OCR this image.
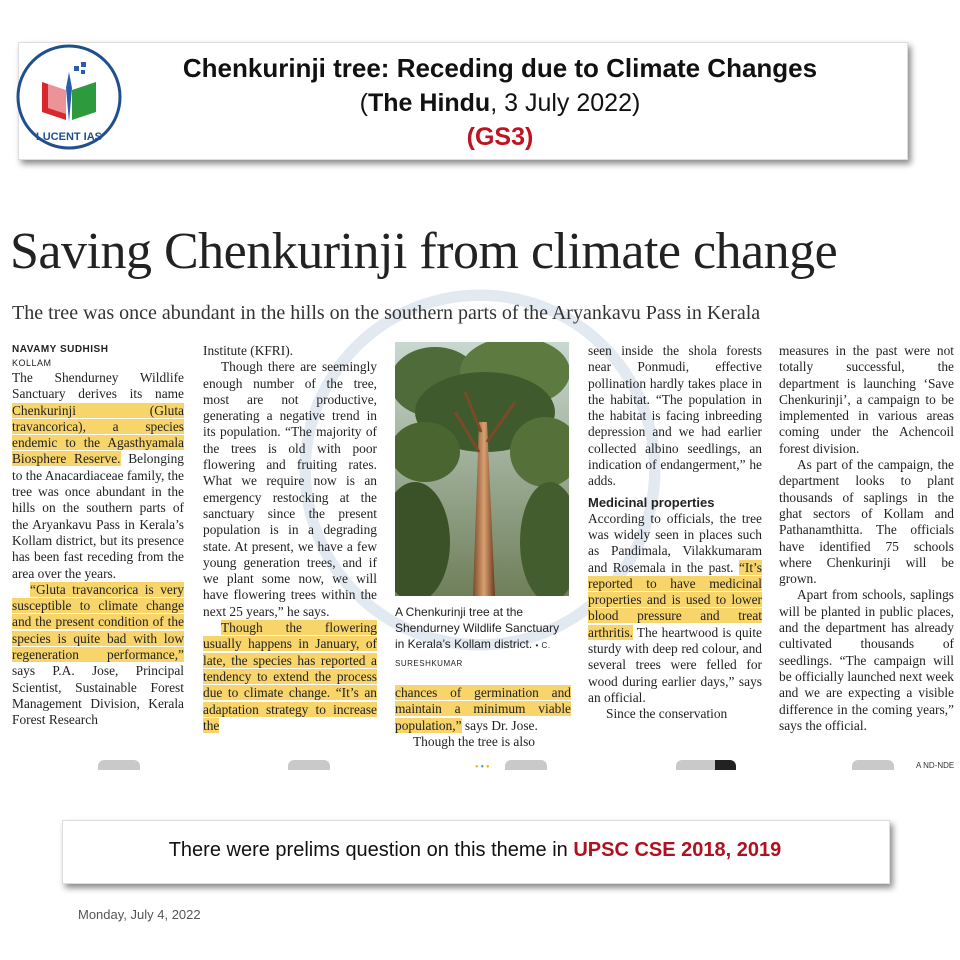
LUCENT IAS
Chenkurinji tree: Receding due to Climate Changes
(The Hindu, 3 July 2022)
(GS3)
Saving Chenkurinji from climate change
The tree was once abundant in the hills on the southern parts of the Aryankavu Pass in Kerala

NAVAMY SUDHISH

KOLLAM

The Shendurney Wildlife Sanctuary derives its name Chenkurinji (Gluta travancorica), a species endemic to the Agasthyamala Biosphere Reserve. Belonging to the Anacardiaceae family, the tree was once abundant in the hills on the southern parts of the Aryankavu Pass in Kerala’s Kollam district, but its presence has been fast receding from the area over the years.

“Gluta travancorica is very susceptible to climate change and the present condition of the species is quite bad with low regeneration performance,” says P.A. Jose, Principal Scientist, Sustainable Forest Management Division, Kerala Forest Research

Institute (KFRI).

Though there are seemingly enough number of the tree, most are not productive, generating a negative trend in its population. “The majority of the trees is old with poor flowering and fruiting rates. What we require now is an emergency restocking at the sanctuary since the present population is in a degrading state. At present, we have a few young generation trees, and if we plant some now, we will have flowering trees within the next 25 years,” he says.

Though the flowering usually happens in January, of late, the species has reported a tendency to extend the process due to climate change. “It’s an adaptation strategy to increase the

A Chenkurinji tree at the Shendurney Wildlife Sanctuary in Kerala’s Kollam district. • C. SURESHKUMAR

chances of germination and maintain a minimum viable population,” says Dr. Jose.

Though the tree is also

seen inside the shola forests near Ponmudi, effective pollination hardly takes place in the habitat. “The population in the habitat is facing inbreeding depression and we had earlier collected albino seedlings, an indication of endangerment,” he adds.

Medicinal properties

According to officials, the tree was widely seen in places such as Pandimala, Vilakkumaram and Rosemala in the past. “It’s reported to have medicinal properties and is used to lower blood pressure and treat arthritis. The heartwood is quite sturdy with deep red colour, and several trees were felled for wood during earlier days,” says an official.

Since the conservation

measures in the past were not totally successful, the department is launching ‘Save Chenkurinji’, a campaign to be implemented in various areas coming under the Achencoil forest division.

As part of the campaign, the department looks to plant thousands of saplings in the ghat sectors of Kollam and Pathanamthitta. The officials have identified 75 schools where Chenkurinji will be grown.

Apart from schools, saplings will be planted in public places, and the department has already cultivated thousands of seedlings. “The campaign will be officially launched next week and we are expecting a visible difference in the coming years,” says the official.

•••	A ND-NDE
There were prelims question on this theme in UPSC CSE 2018, 2019
Monday, July 4, 2022
